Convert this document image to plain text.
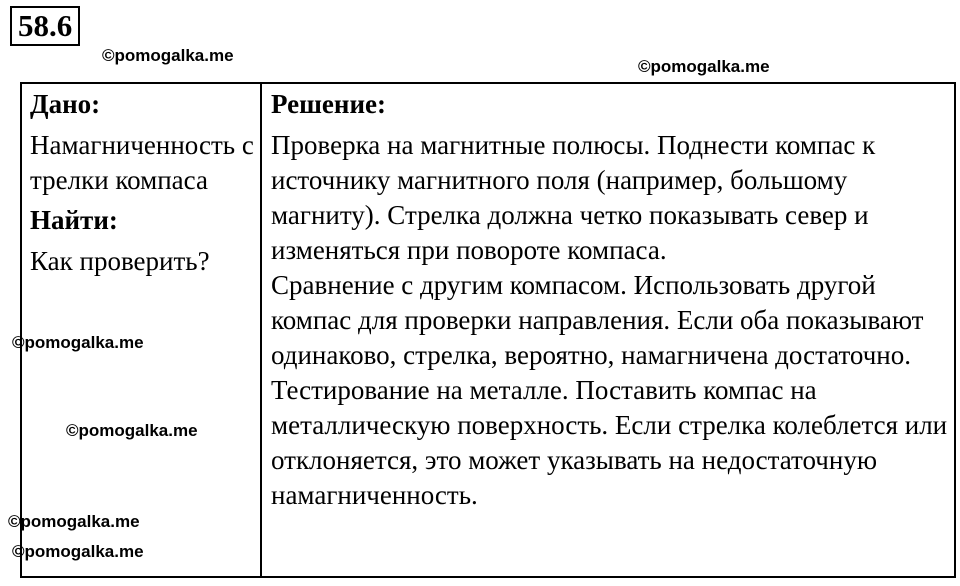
58.6
©pomogalka.me
©pomogalka.me
©pomogalka.me
©pomogalka.me
©pomogalka.me
©pomogalka.me
Дано:
Намагниченность стрелки компаса
Найти:
Как проверить?
Решение:

Проверка на магнитные полюсы. Поднести компас к источнику магнитного поля (например, большому магниту). Стрелка должна четко показывать север и изменяться при повороте компаса.

Сравнение с другим компасом. Использовать другой компас для проверки направления. Если оба показывают одинаково, стрелка, вероятно, намагничена достаточно.

Тестирование на металле. Поставить компас на металлическую поверхность. Если стрелка колеблется или отклоняется, это может указывать на недостаточную намагниченность.
